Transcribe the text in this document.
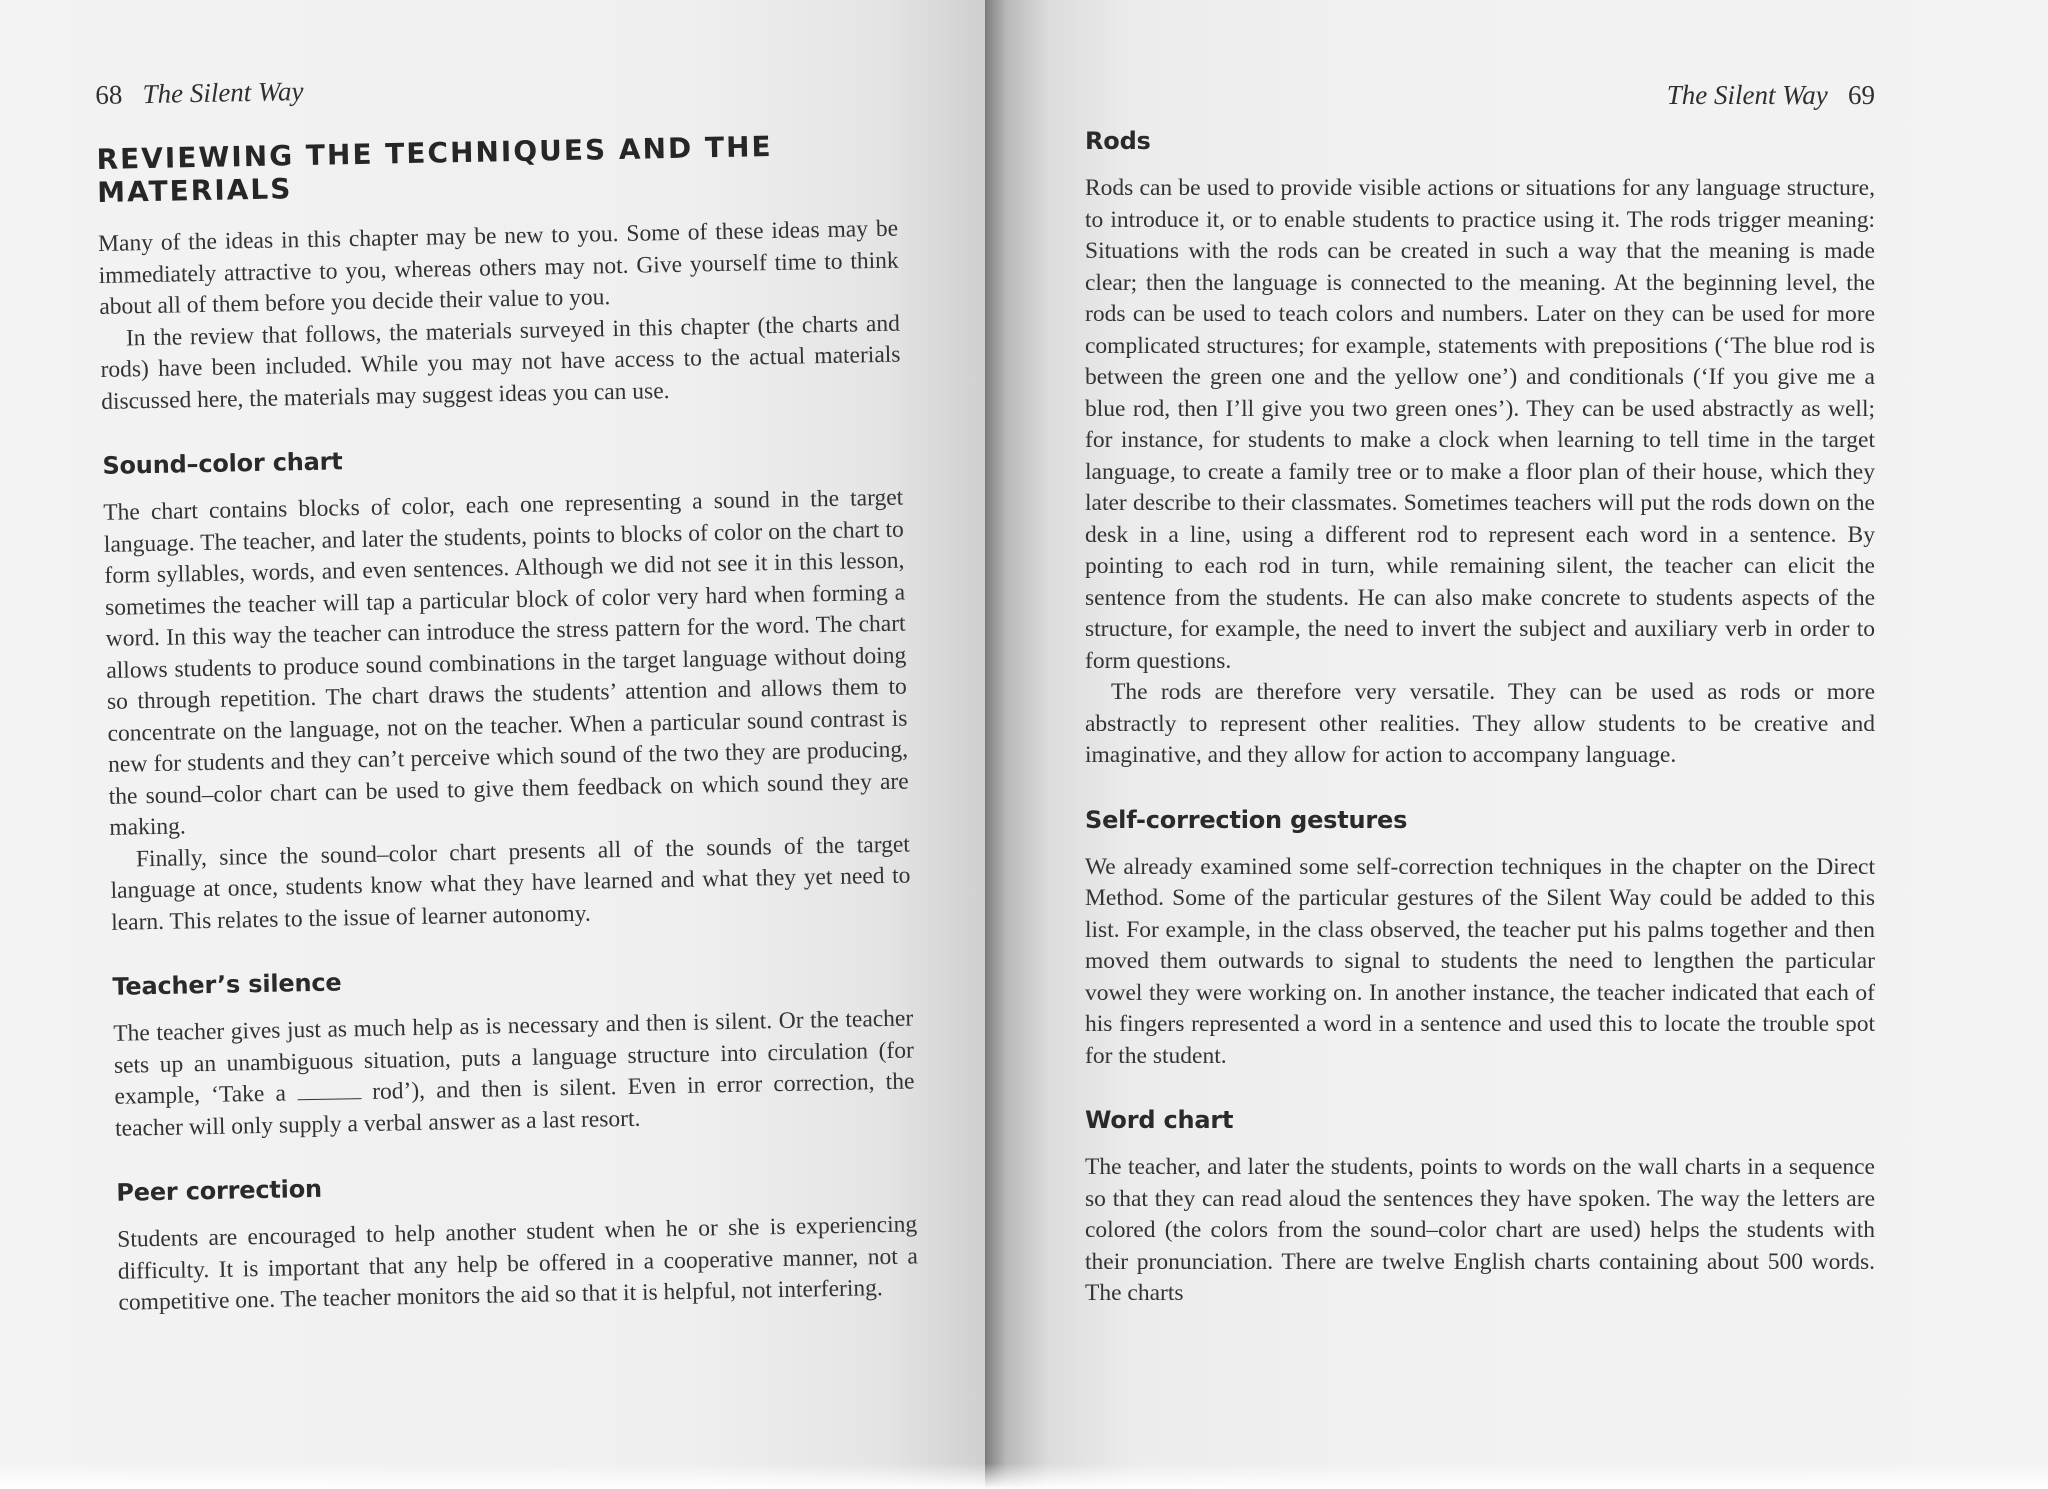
68 The Silent Way
REVIEWING THE TECHNIQUES AND THE MATERIALS

Many of the ideas in this chapter may be new to you. Some of these ideas may be immediately attractive to you, whereas others may not. Give yourself time to think about all of them before you decide their value to you.

In the review that follows, the materials surveyed in this chapter (the charts and rods) have been included. While you may not have access to the actual materials discussed here, the materials may suggest ideas you can use.

Sound–color chart

The chart contains blocks of color, each one representing a sound in the target language. The teacher, and later the students, points to blocks of color on the chart to form syllables, words, and even sentences. Although we did not see it in this lesson, sometimes the teacher will tap a particular block of color very hard when forming a word. In this way the teacher can introduce the stress pattern for the word. The chart allows students to produce sound combinations in the target language without doing so through repetition. The chart draws the students’ attention and allows them to concentrate on the language, not on the teacher. When a particular sound contrast is new for students and they can’t perceive which sound of the two they are producing, the sound–color chart can be used to give them feedback on which sound they are making.

Finally, since the sound–color chart presents all of the sounds of the target language at once, students know what they have learned and what they yet need to learn. This relates to the issue of learner autonomy.

Teacher’s silence

The teacher gives just as much help as is necessary and then is silent. Or the teacher sets up an unambiguous situation, puts a language structure into circulation (for example, ‘Take a	rod’), and then is silent. Even in error correction, the teacher will only supply a verbal answer as a last resort.

Peer correction

Students are encouraged to help another student when he or she is experiencing difficulty. It is important that any help be offered in a cooperative manner, not a competitive one. The teacher monitors the aid so that it is helpful, not interfering.

The Silent Way 69
Rods

Rods can be used to provide visible actions or situations for any language structure, to introduce it, or to enable students to practice using it. The rods trigger meaning: Situations with the rods can be created in such a way that the meaning is made clear; then the language is connected to the meaning. At the beginning level, the rods can be used to teach colors and numbers. Later on they can be used for more complicated structures; for example, statements with prepositions (‘The blue rod is between the green one and the yellow one’) and conditionals (‘If you give me a blue rod, then I’ll give you two green ones’). They can be used abstractly as well; for instance, for students to make a clock when learning to tell time in the target language, to create a family tree or to make a floor plan of their house, which they later describe to their classmates. Sometimes teachers will put the rods down on the desk in a line, using a different rod to represent each word in a sentence. By pointing to each rod in turn, while remaining silent, the teacher can elicit the sentence from the students. He can also make concrete to students aspects of the structure, for example, the need to invert the subject and auxiliary verb in order to form questions.

The rods are therefore very versatile. They can be used as rods or more abstractly to represent other realities. They allow students to be creative and imaginative, and they allow for action to accompany language.

Self-correction gestures

We already examined some self-correction techniques in the chapter on the Direct Method. Some of the particular gestures of the Silent Way could be added to this list. For example, in the class observed, the teacher put his palms together and then moved them outwards to signal to students the need to lengthen the particular vowel they were working on. In another instance, the teacher indicated that each of his fingers represented a word in a sentence and used this to locate the trouble spot for the student.

Word chart

The teacher, and later the students, points to words on the wall charts in a sequence so that they can read aloud the sentences they have spoken. The way the letters are colored (the colors from the sound–color chart are used) helps the students with their pronunciation. There are twelve English charts containing about 500 words. The charts
